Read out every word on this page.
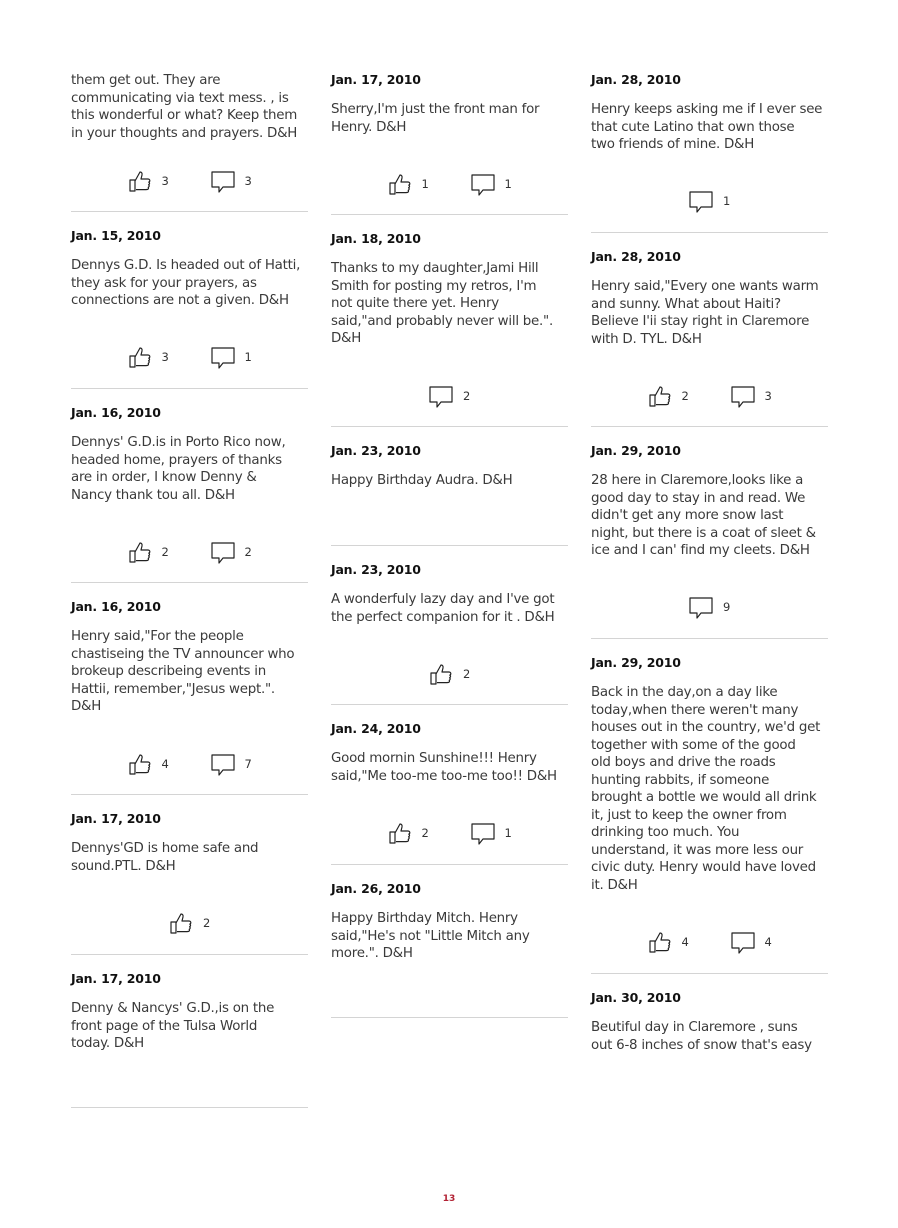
them get out. They are
communicating via text mess. , is
this wonderful or what? Keep them
in your thoughts and prayers. D&H
3	3
Jan. 15, 2010
Dennys G.D. Is headed out of Hatti,
they ask for your prayers, as
connections are not a given. D&H
3	1
Jan. 16, 2010
Dennys' G.D.is in Porto Rico now,
headed home, prayers of thanks
are in order, I know Denny &
Nancy thank tou all. D&H
2	2
Jan. 16, 2010
Henry said,"For the people
chastiseing the TV announcer who
brokeup describeing events in
Hattii, remember,"Jesus wept.".
D&H
4	7
Jan. 17, 2010
Dennys'GD is home safe and
sound.PTL. D&H
2
Jan. 17, 2010
Denny & Nancys' G.D.,is on the
front page of the Tulsa World
today. D&H
Jan. 17, 2010
Sherry,I'm just the front man for
Henry. D&H
1	1
Jan. 18, 2010
Thanks to my daughter,Jami Hill
Smith for posting my retros, I'm
not quite there yet. Henry
said,"and probably never will be.".
D&H
2
Jan. 23, 2010
Happy Birthday Audra. D&H
Jan. 23, 2010
A wonderfuly lazy day and I've got
the perfect companion for it . D&H
2
Jan. 24, 2010
Good mornin Sunshine!!! Henry
said,"Me too-me too-me too!! D&H
2	1
Jan. 26, 2010
Happy Birthday Mitch. Henry
said,"He's not "Little Mitch any
more.". D&H
Jan. 28, 2010
Henry keeps asking me if I ever see
that cute Latino that own those
two friends of mine. D&H
1
Jan. 28, 2010
Henry said,"Every one wants warm
and sunny. What about Haiti?
Believe I'ii stay right in Claremore
with D. TYL. D&H
2	3
Jan. 29, 2010
28 here in Claremore,looks like a
good day to stay in and read. We
didn't get any more snow last
night, but there is a coat of sleet &
ice and I can' find my cleets. D&H
9
Jan. 29, 2010
Back in the day,on a day like
today,when there weren't many
houses out in the country, we'd get
together with some of the good
old boys and drive the roads
hunting rabbits, if someone
brought a bottle we would all drink
it, just to keep the owner from
drinking too much. You
understand, it was more less our
civic duty. Henry would have loved
it. D&H
4	4
Jan. 30, 2010
Beutiful day in Claremore , suns
out 6-8 inches of snow that's easy
13
